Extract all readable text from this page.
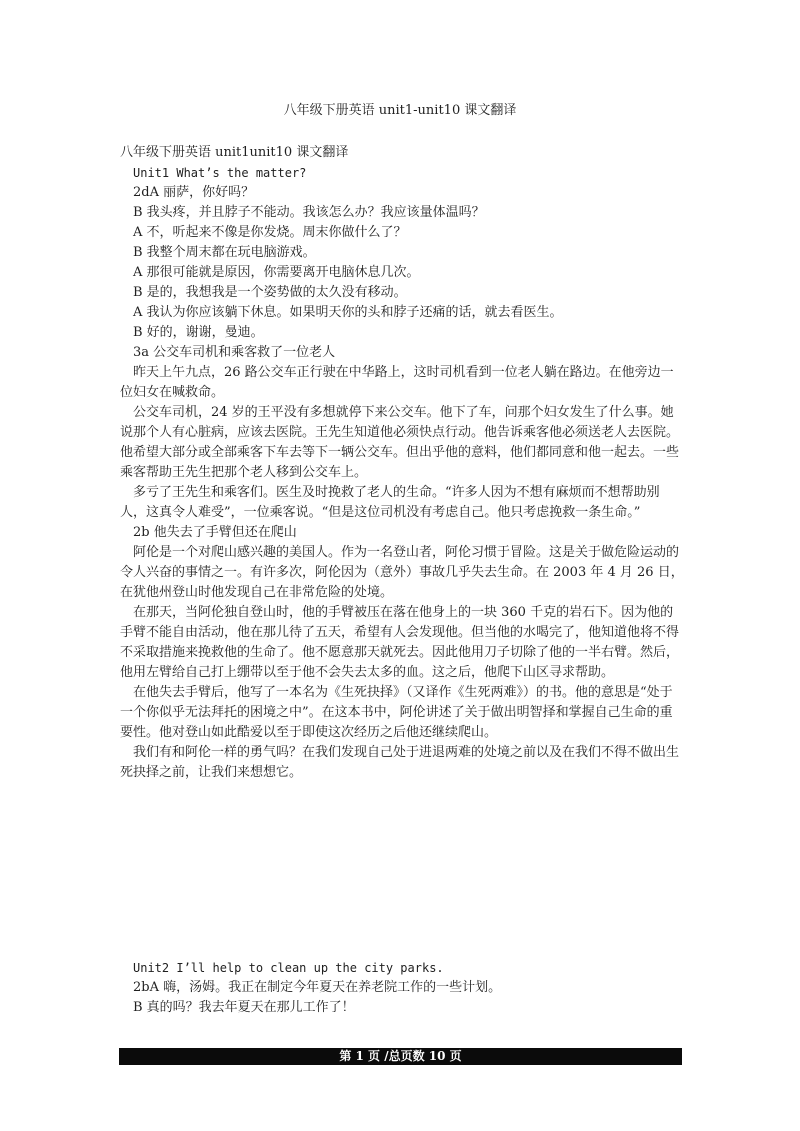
八年级下册英语 unit1-unit10 课文翻译

八年级下册英语 unit1unit10 课文翻译

Unit1 What’s the matter?

2dA 丽萨，你好吗？

B 我头疼，并且脖子不能动。我该怎么办？我应该量体温吗？

A 不，听起来不像是你发烧。周末你做什么了？

B 我整个周末都在玩电脑游戏。

A 那很可能就是原因，你需要离开电脑休息几次。

B 是的，我想我是一个姿势做的太久没有移动。

A 我认为你应该躺下休息。如果明天你的头和脖子还痛的话，就去看医生。

B 好的，谢谢，曼迪。

3a 公交车司机和乘客救了一位老人

昨天上午九点，26 路公交车正行驶在中华路上，这时司机看到一位老人躺在路边。在他旁边一位妇女在喊救命。

公交车司机，24 岁的王平没有多想就停下来公交车。他下了车，问那个妇女发生了什么事。她说那个人有心脏病，应该去医院。王先生知道他必须快点行动。他告诉乘客他必须送老人去医院。他希望大部分或全部乘客下车去等下一辆公交车。但出乎他的意料，他们都同意和他一起去。一些乘客帮助王先生把那个老人移到公交车上。

多亏了王先生和乘客们。医生及时挽救了老人的生命。“许多人因为不想有麻烦而不想帮助别人，这真令人难受”，一位乘客说。“但是这位司机没有考虑自己。他只考虑挽救一条生命。”

2b 他失去了手臂但还在爬山

阿伦是一个对爬山感兴趣的美国人。作为一名登山者，阿伦习惯于冒险。这是关于做危险运动的令人兴奋的事情之一。有许多次，阿伦因为（意外）事故几乎失去生命。在 2003 年 4 月 26 日，在犹他州登山时他发现自己在非常危险的处境。

在那天，当阿伦独自登山时，他的手臂被压在落在他身上的一块 360 千克的岩石下。因为他的手臂不能自由活动，他在那儿待了五天，希望有人会发现他。但当他的水喝完了，他知道他将不得不采取措施来挽救他的生命了。他不愿意那天就死去。因此他用刀子切除了他的一半右臂。然后，他用左臂给自己打上绷带以至于他不会失去太多的血。这之后，他爬下山区寻求帮助。

在他失去手臂后，他写了一本名为《生死抉择》（又译作《生死两难》）的书。他的意思是“处于一个你似乎无法拜托的困境之中”。在这本书中，阿伦讲述了关于做出明智择和掌握自己生命的重要性。他对登山如此酷爱以至于即使这次经历之后他还继续爬山。

我们有和阿伦一样的勇气吗？在我们发现自己处于进退两难的处境之前以及在我们不得不做出生死抉择之前，让我们来想想它。

Unit2 I’ll help to clean up the city parks.

2bA 嗨，汤姆。我正在制定今年夏天在养老院工作的一些计划。

B 真的吗？我去年夏天在那儿工作了！

第 1 页 /总页数 10 页
